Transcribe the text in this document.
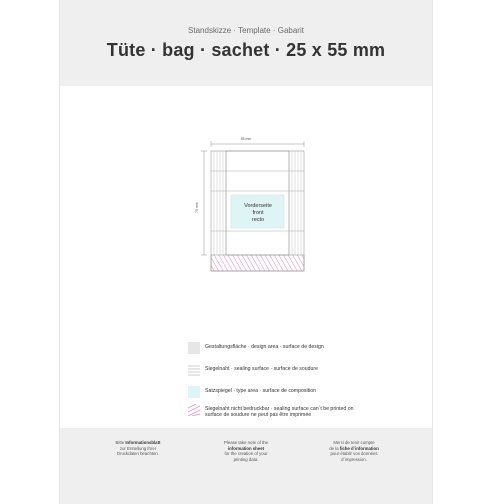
Standskizze · Template · Gabarit
Tüte · bag · sachet · 25 x 55 mm
55 mm
70 mm	Vorderseite
front
recto
Gestaltungsfläche · design area · surface de design
Siegelnaht · sealing surface · surface de soudure
Satzspiegel · type area · surface de composition
Siegelnaht nicht bedruckbar · sealing surface can´t be printed on
surface de soudure ne peut pas être imprimée
Bitte Informationsblatt
zur Erstellung Ihrer
Druckdaten beachten.
Please take note of the
information sheet
for the creation of your
printing data.
Merci de tenir compte
de la fiche d´information
pour établir vos données
d´impression.
